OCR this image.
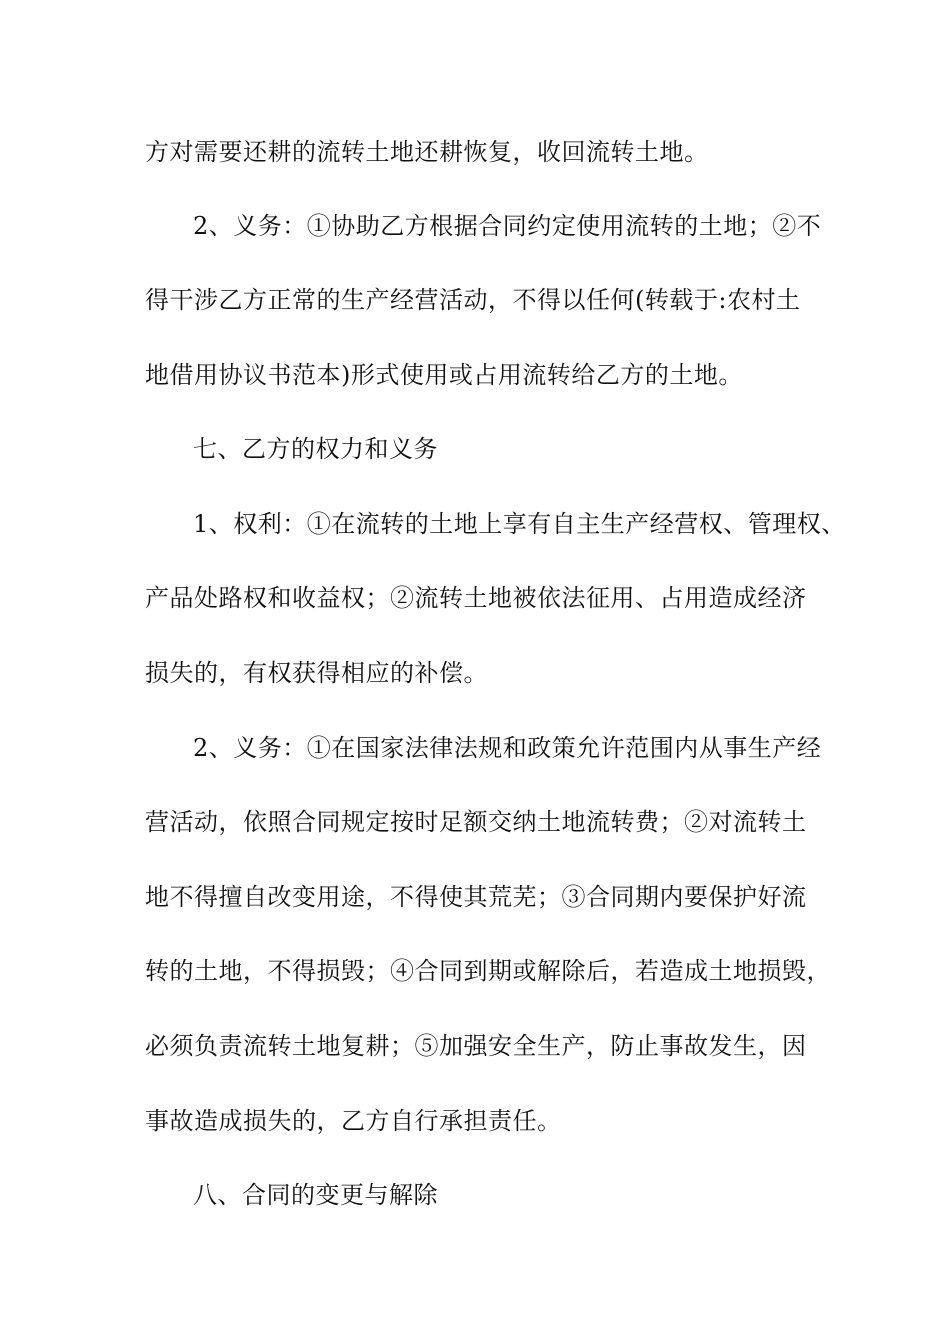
方对需要还耕的流转土地还耕恢复，收回流转土地。
2、义务：①协助乙方根据合同约定使用流转的土地；②不
得干涉乙方正常的生产经营活动，不得以任何(转载于:农村土
地借用协议书范本)形式使用或占用流转给乙方的土地。
七、乙方的权力和义务
1、权利：①在流转的土地上享有自主生产经营权、管理权、
产品处路权和收益权；②流转土地被依法征用、占用造成经济
损失的，有权获得相应的补偿。
2、义务：①在国家法律法规和政策允许范围内从事生产经
营活动，依照合同规定按时足额交纳土地流转费；②对流转土
地不得擅自改变用途，不得使其荒芜；③合同期内要保护好流
转的土地，不得损毁；④合同到期或解除后，若造成土地损毁，
必须负责流转土地复耕；⑤加强安全生产，防止事故发生，因
事故造成损失的，乙方自行承担责任。
八、合同的变更与解除
